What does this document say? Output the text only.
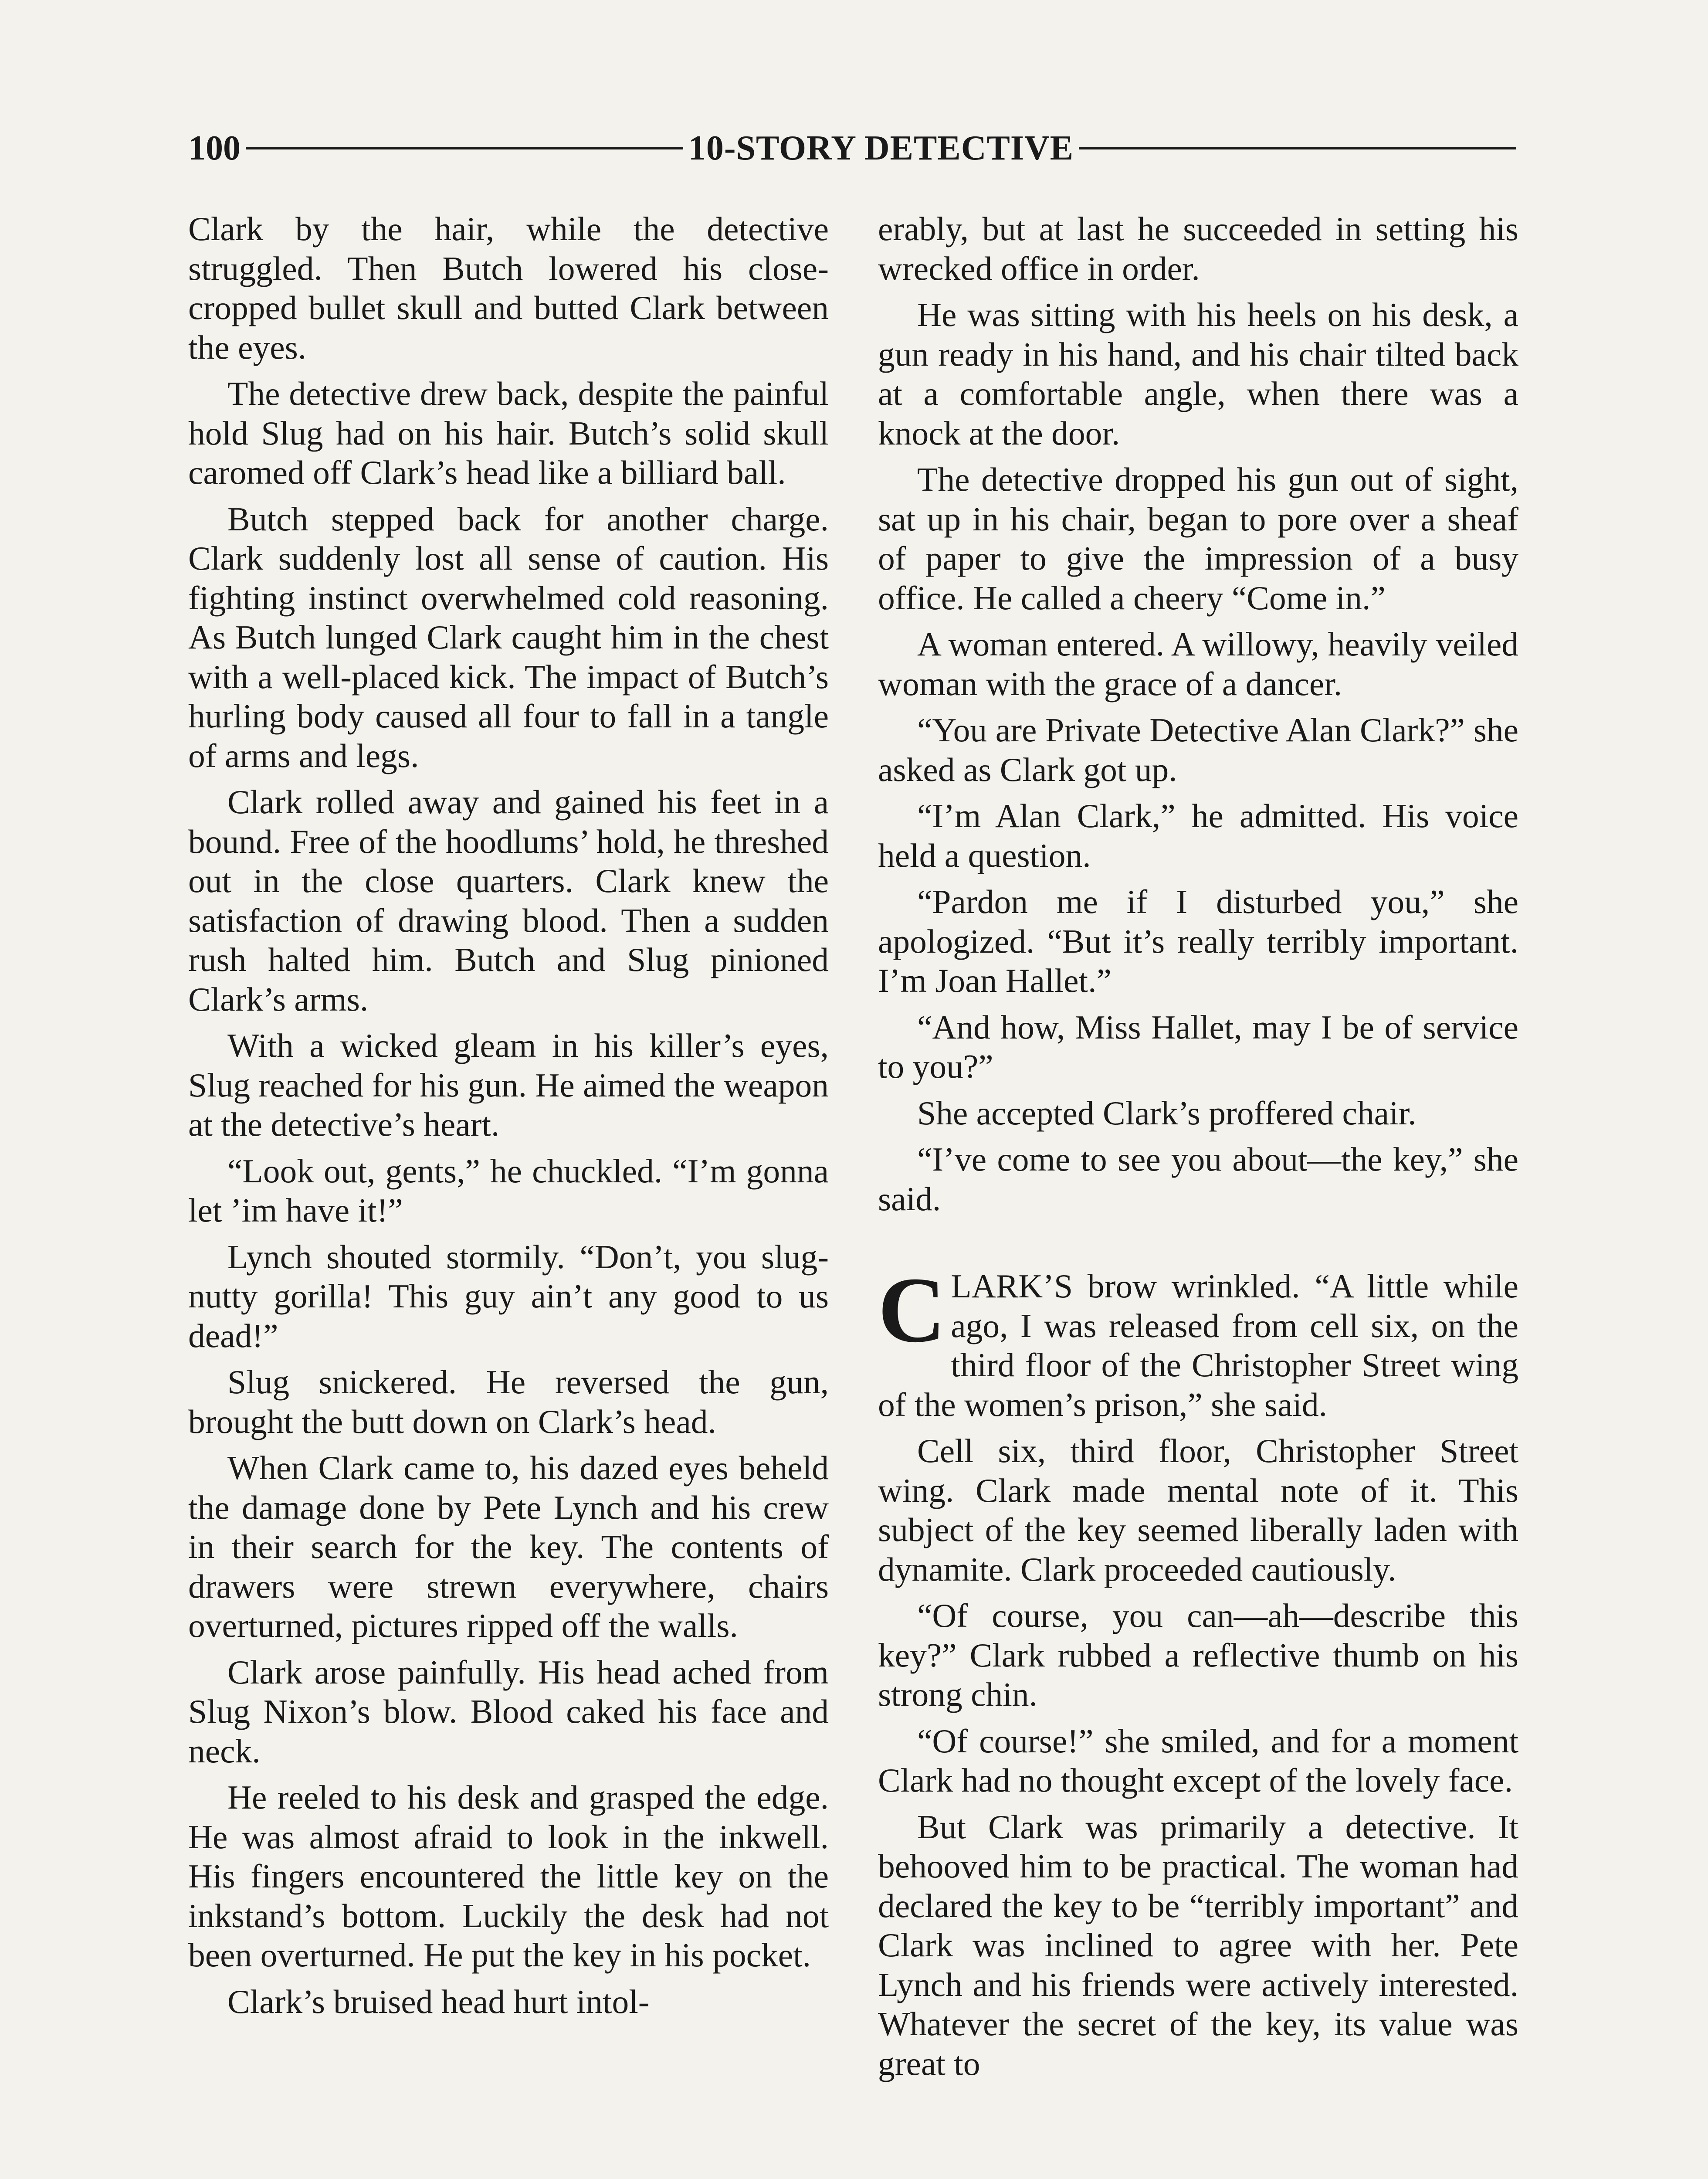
100	10-STORY DETECTIVE

Clark by the hair, while the detective struggled. Then Butch lowered his close-cropped bullet skull and butted Clark between the eyes.

The detective drew back, despite the painful hold Slug had on his hair. Butch’s solid skull caromed off Clark’s head like a billiard ball.

Butch stepped back for another charge. Clark suddenly lost all sense of caution. His fighting instinct overwhelmed cold reasoning. As Butch lunged Clark caught him in the chest with a well-placed kick. The impact of Butch’s hurling body caused all four to fall in a tangle of arms and legs.

Clark rolled away and gained his feet in a bound. Free of the hoodlums’ hold, he threshed out in the close quarters. Clark knew the satisfaction of drawing blood. Then a sudden rush halted him. Butch and Slug pinioned Clark’s arms.

With a wicked gleam in his killer’s eyes, Slug reached for his gun. He aimed the weapon at the detective’s heart.

“Look out, gents,” he chuckled. “I’m gonna let ’im have it!”

Lynch shouted stormily. “Don’t, you slug-nutty gorilla! This guy ain’t any good to us dead!”

Slug snickered. He reversed the gun, brought the butt down on Clark’s head.

When Clark came to, his dazed eyes beheld the damage done by Pete Lynch and his crew in their search for the key. The contents of drawers were strewn everywhere, chairs overturned, pictures ripped off the walls.

Clark arose painfully. His head ached from Slug Nixon’s blow. Blood caked his face and neck.

He reeled to his desk and grasped the edge. He was almost afraid to look in the inkwell. His fingers encountered the little key on the inkstand’s bottom. Luckily the desk had not been overturned. He put the key in his pocket.

Clark’s bruised head hurt intol-

erably, but at last he succeeded in setting his wrecked office in order.

He was sitting with his heels on his desk, a gun ready in his hand, and his chair tilted back at a comfortable angle, when there was a knock at the door.

The detective dropped his gun out of sight, sat up in his chair, began to pore over a sheaf of paper to give the impression of a busy office. He called a cheery “Come in.”

A woman entered. A willowy, heavily veiled woman with the grace of a dancer.

“You are Private Detective Alan Clark?” she asked as Clark got up.

“I’m Alan Clark,” he admitted. His voice held a question.

“Pardon me if I disturbed you,” she apologized. “But it’s really terribly important. I’m Joan Hallet.”

“And how, Miss Hallet, may I be of service to you?”

She accepted Clark’s proffered chair.

“I’ve come to see you about—the key,” she said.

CLARK’S brow wrinkled. “A little while ago, I was released from cell six, on the third floor of the Christopher Street wing of the women’s prison,” she said.

Cell six, third floor, Christopher Street wing. Clark made mental note of it. This subject of the key seemed liberally laden with dynamite. Clark proceeded cautiously.

“Of course, you can—ah—describe this key?” Clark rubbed a reflective thumb on his strong chin.

“Of course!” she smiled, and for a moment Clark had no thought except of the lovely face.

But Clark was primarily a detective. It behooved him to be practical. The woman had declared the key to be “terribly important” and Clark was inclined to agree with her. Pete Lynch and his friends were actively interested. Whatever the secret of the key, its value was great to
